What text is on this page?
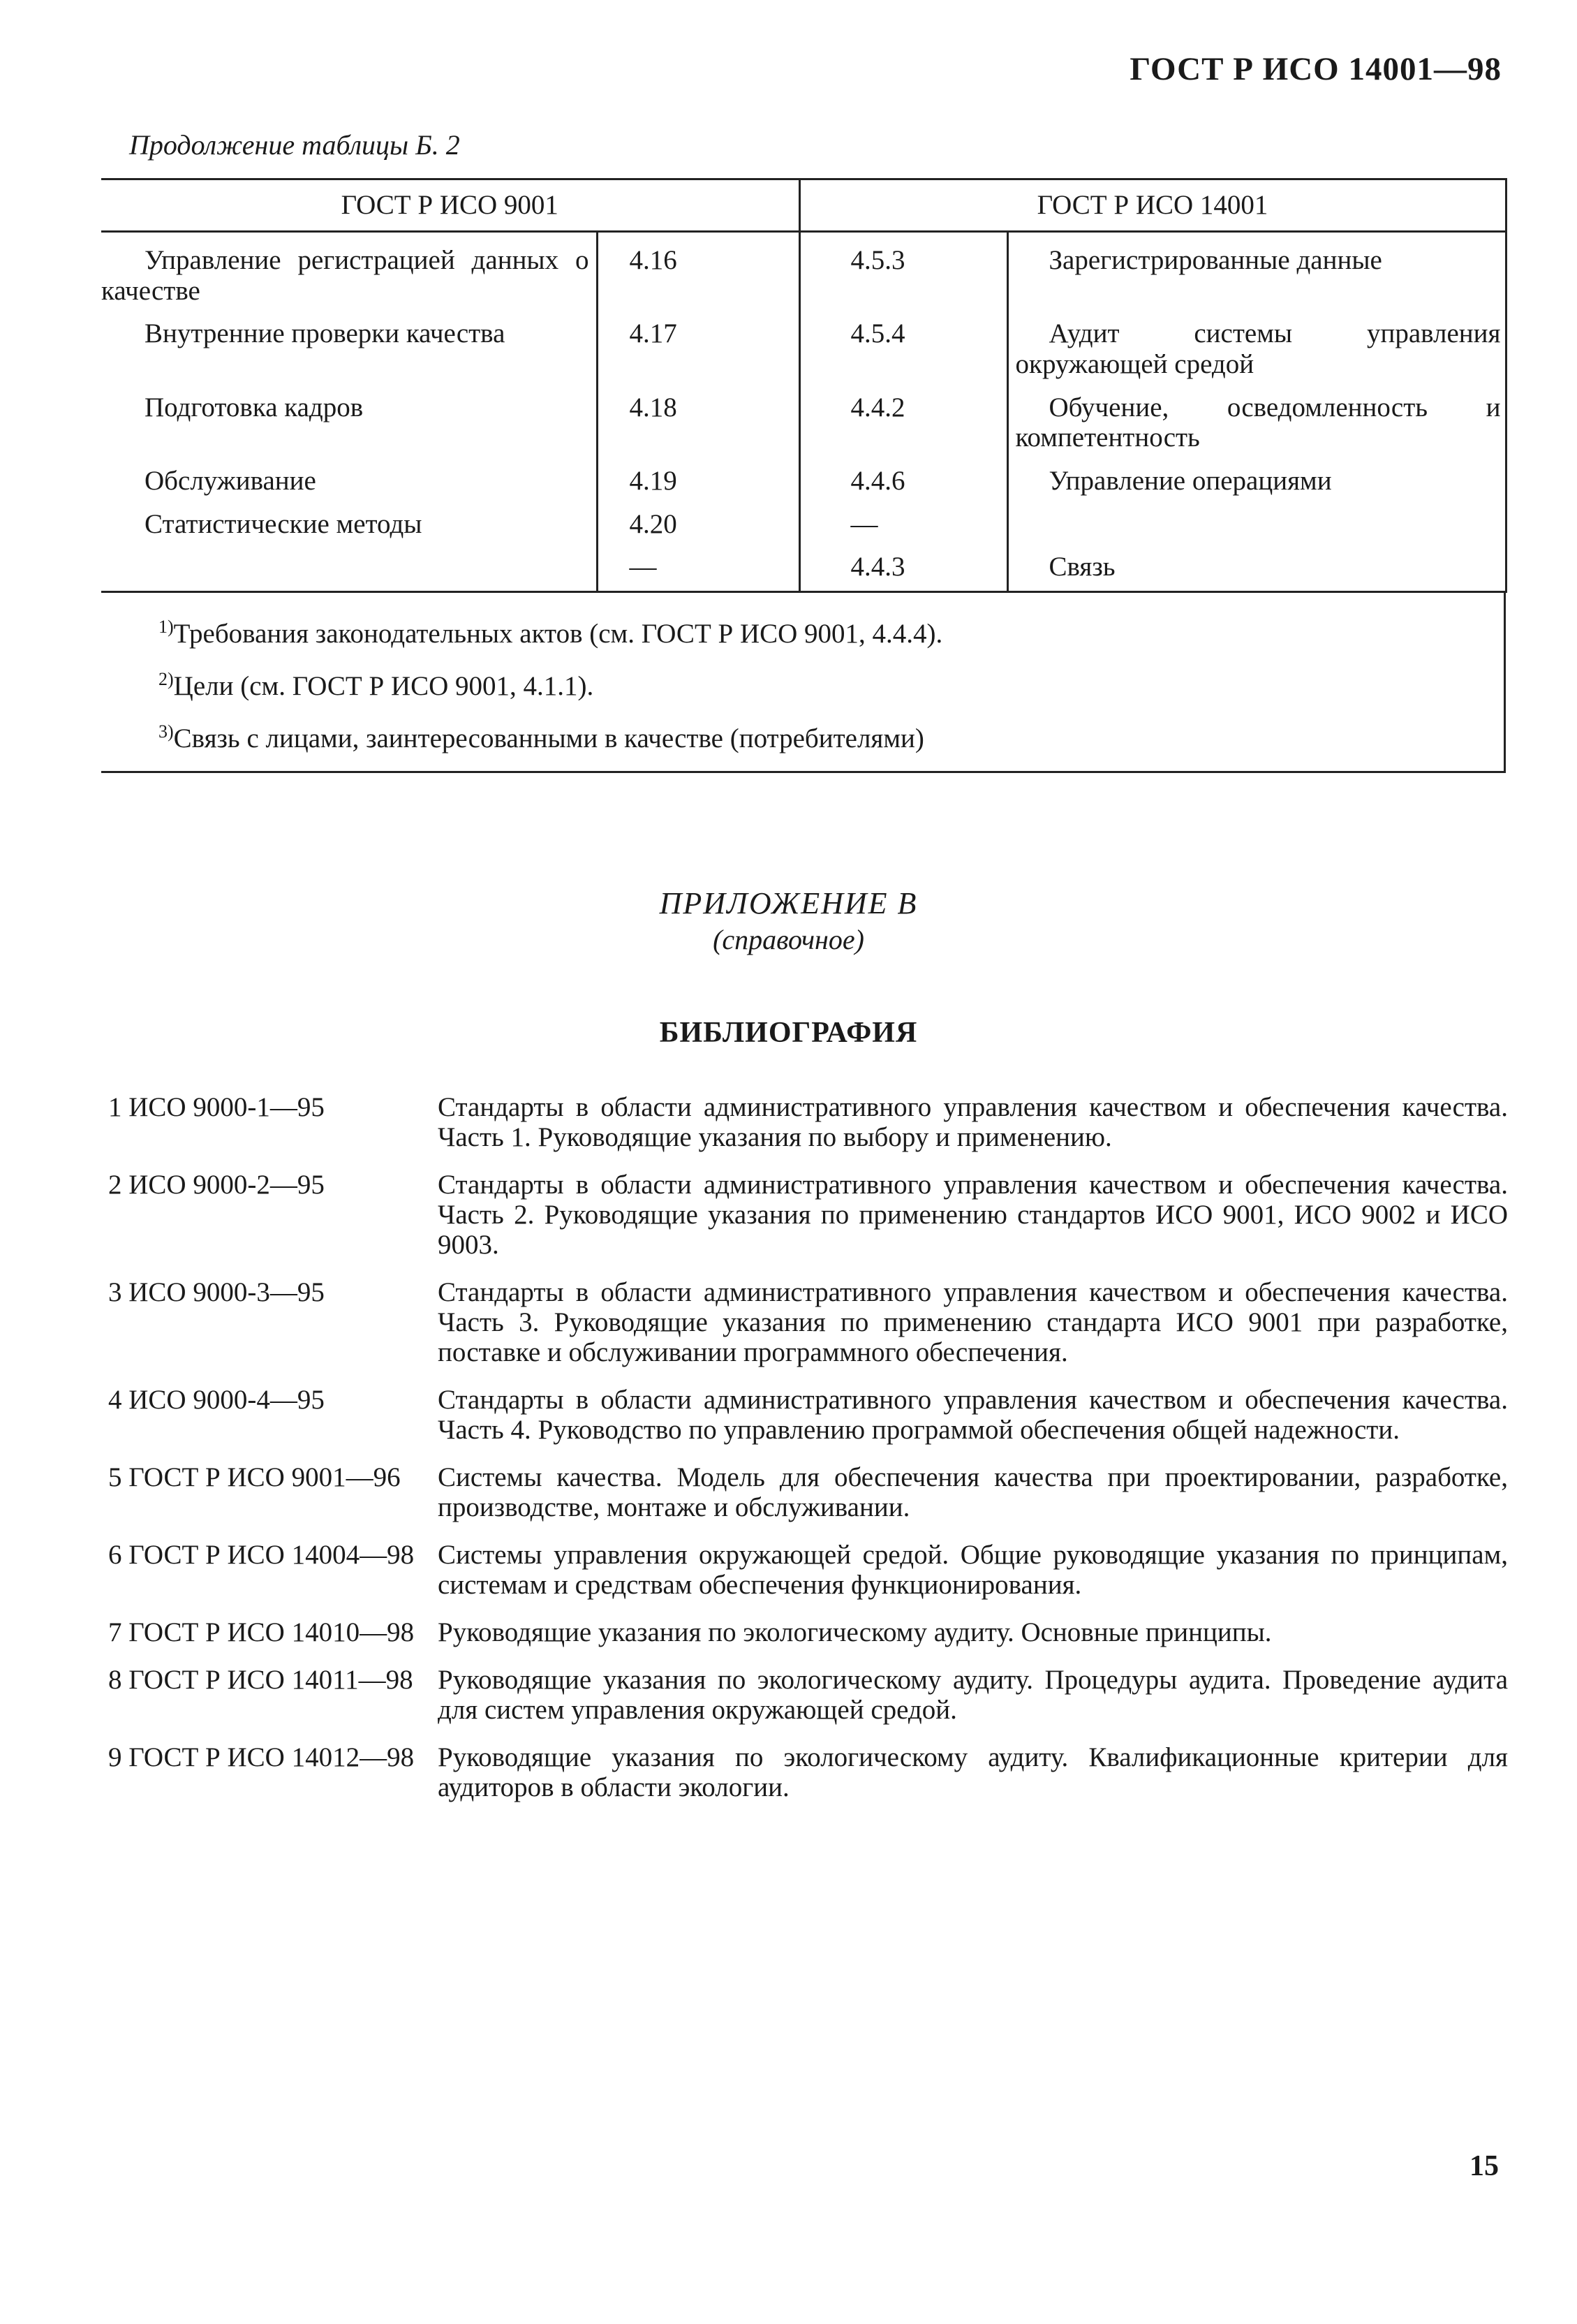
ГОСТ Р ИСО 14001—98
Продолжение таблицы Б. 2
ГОСТ Р ИСО 9001		ГОСТ Р ИСО 14001	
Управление регистрацией данных о качестве	4.16	4.5.3	Зарегистрированные данные
Внутренние проверки качества	4.17	4.5.4	Аудит системы управления окружающей средой
Подготовка кадров	4.18	4.4.2	Обучение, осведомленность и компетентность
Обслуживание	4.19	4.4.6	Управление операциями
Статистические методы	4.20	—	
	—	4.4.3	Связь
$^{1)}$Требования законодательных актов (см. ГОСТ Р ИСО 9001, 4.4.4).
$^{2)}$Цели (см. ГОСТ Р ИСО 9001, 4.1.1).
$^{3)}$Связь с лицами, заинтересованными в качестве (потребителями)
ПРИЛОЖЕНИЕ В
(справочное)
БИБЛИОГРАФИЯ
1 ИСО 9000-1—95	Стандарты в области административного управления качеством и обеспечения качества. Часть 1. Руководящие указания по выбору и применению.
2 ИСО 9000-2—95	Стандарты в области административного управления качеством и обеспечения качества. Часть 2. Руководящие указания по применению стандартов ИСО 9001, ИСО 9002 и ИСО 9003.
3 ИСО 9000-3—95	Стандарты в области административного управления качеством и обеспечения качества. Часть 3. Руководящие указания по применению стандарта ИСО 9001 при разработке, поставке и обслуживании программного обеспечения.
4 ИСО 9000-4—95	Стандарты в области административного управления качеством и обеспечения качества. Часть 4. Руководство по управлению программой обеспечения общей надежности.
5 ГОСТ Р ИСО 9001—96	Системы качества. Модель для обеспечения качества при проектировании, разработке, производстве, монтаже и обслуживании.
6 ГОСТ Р ИСО 14004—98 Системы управления окружающей средой. Общие руководящие указания по принципам, системам и средствам обеспечения функционирования.
7 ГОСТ Р ИСО 14010—98 Руководящие указания по экологическому аудиту. Основные принципы.
8 ГОСТ Р ИСО 14011—98 Руководящие указания по экологическому аудиту. Процедуры аудита. Проведение аудита для систем управления окружающей средой.
9 ГОСТ Р ИСО 14012—98 Руководящие указания по экологическому аудиту. Квалификационные критерии для аудиторов в области экологии.
15
